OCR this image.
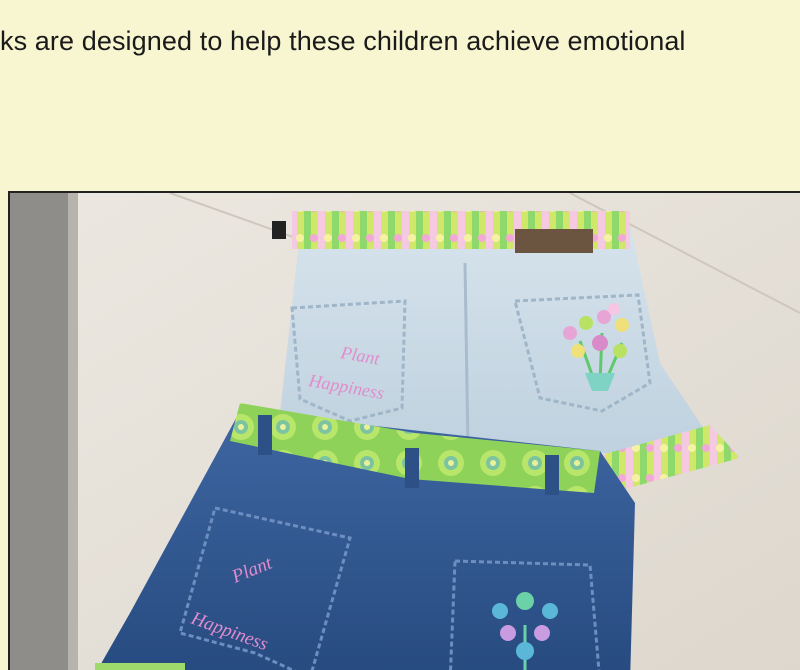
ks are designed to help these children achieve emotional

Plant
Happiness
Plant
Happiness
